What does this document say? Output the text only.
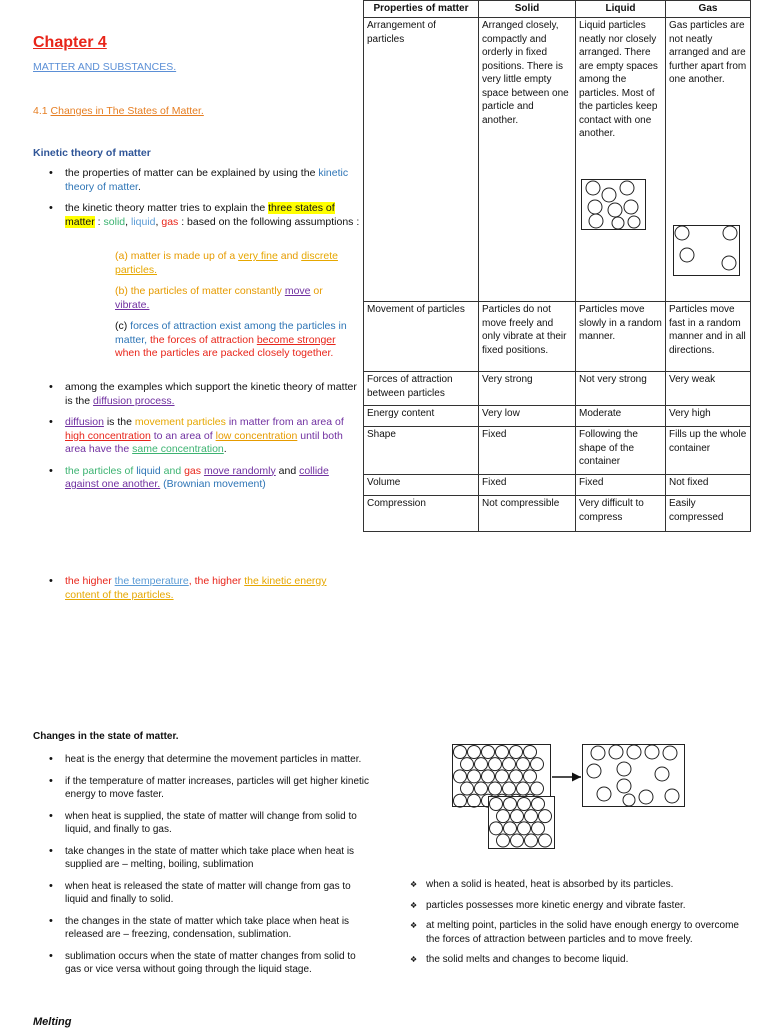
Chapter 4
MATTER AND SUBSTANCES.
4.1 Changes in The States of Matter.
Kinetic theory of matter
• the properties of matter can be explained by using the kinetic theory of matter.
• the kinetic theory matter tries to explain the three states of matter : solid, liquid, gas : based on the following assumptions :
(a) matter is made up of a very fine and discrete particles.
(b) the particles of matter constantly move or vibrate.
(c) forces of attraction exist among the particles in matter, the forces of attraction become stronger when the particles are packed closely together.
• among the examples which support the kinetic theory of matter is the diffusion process.
• diffusion is the movement particles in matter from an area of high concentration to an area of low concentration until both area have the same concentration.
• the particles of liquid and gas move randomly and collide against one another. (Brownian movement)
• the higher the temperature, the higher the kinetic energy content of the particles.
Properties of matter	Solid	Liquid	Gas
Arrangement of particles	Arranged closely, compactly and orderly in fixed positions. There is very little empty space between one particle and another.	Liquid particles neatly nor closely arranged. There are empty spaces among the particles. Most of the particles keep contact with one another.	Gas particles are not neatly arranged and are further apart from one another.

Movement of particles	Particles do not move freely and only vibrate at their fixed positions.	Particles move slowly in a random manner.	Particles move fast in a random manner and in all directions.
Forces of attraction between particles	Very strong	Not very strong	Very weak
Energy content	Very low	Moderate	Very high
Shape	Fixed	Following the shape of the container	Fills up the whole container
Volume	Fixed	Fixed	Not fixed
Compression	Not compressible	Very difficult to compress	Easily compressed
Changes in the state of matter.
• heat is the energy that determine the movement particles in matter.
• if the temperature of matter increases, particles will get higher kinetic energy to move faster.
• when heat is supplied, the state of matter will change from solid to liquid, and finally to gas.
• take changes in the state of matter which take place when heat is supplied are – melting, boiling, sublimation
• when heat is released the state of matter will change from gas to liquid and finally to solid.
• the changes in the state of matter which take place when heat is released are – freezing, condensation, sublimation.
• sublimation occurs when the state of matter changes from solid to gas or vice versa without going through the liquid stage.
❖ when a solid is heated, heat is absorbed by its particles.
❖ particles possesses more kinetic energy and vibrate faster.
❖ at melting point, particles in the solid have enough energy to overcome the forces of attraction between particles and to move freely.
❖ the solid melts and changes to become liquid.
Melting
